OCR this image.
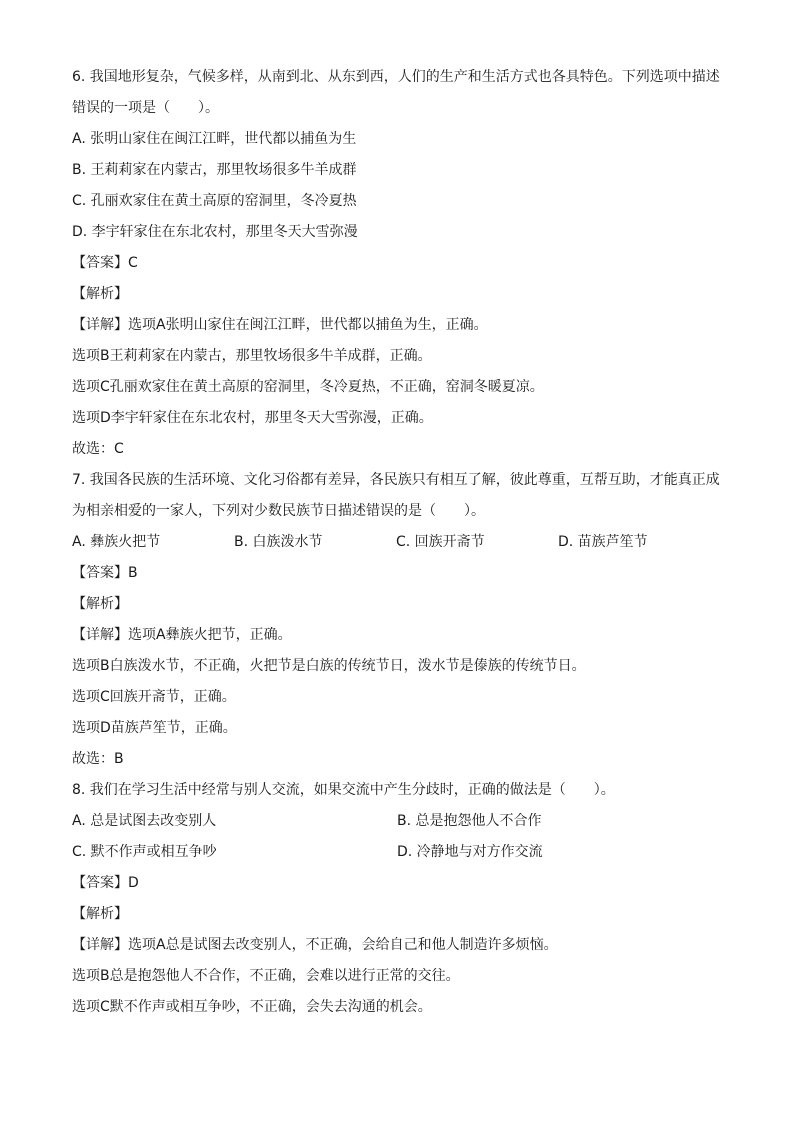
6. 我国地形复杂，气候多样，从南到北、从东到西，人们的生产和生活方式也各具特色。下列选项中描述
错误的一项是（　　）。
A. 张明山家住在闽江江畔，世代都以捕鱼为生
B. 王莉莉家在内蒙古，那里牧场很多牛羊成群
C. 孔丽欢家住在黄土高原的窑洞里，冬冷夏热
D. 李宇轩家住在东北农村，那里冬天大雪弥漫
【答案】C
【解析】
【详解】选项A张明山家住在闽江江畔，世代都以捕鱼为生，正确。
选项B王莉莉家在内蒙古，那里牧场很多牛羊成群，正确。
选项C孔丽欢家住在黄土高原的窑洞里，冬冷夏热，不正确，窑洞冬暖夏凉。
选项D李宇轩家住在东北农村，那里冬天大雪弥漫，正确。
故选：C
7. 我国各民族的生活环境、文化习俗都有差异，各民族只有相互了解，彼此尊重，互帮互助，才能真正成
为相亲相爱的一家人，下列对少数民族节日描述错误的是（　　）。
A. 彝族火把节	B. 白族泼水节	C. 回族开斋节	D. 苗族芦笙节
【答案】B
【解析】
【详解】选项A彝族火把节，正确。
选项B白族泼水节，不正确，火把节是白族的传统节日，泼水节是傣族的传统节日。
选项C回族开斋节，正确。
选项D苗族芦笙节，正确。
故选：B
8. 我们在学习生活中经常与别人交流，如果交流中产生分歧时，正确的做法是（　　）。
A. 总是试图去改变别人	B. 总是抱怨他人不合作
C. 默不作声或相互争吵	D. 冷静地与对方作交流
【答案】D
【解析】
【详解】选项A总是试图去改变别人，不正确，会给自己和他人制造许多烦恼。
选项B总是抱怨他人不合作，不正确，会难以进行正常的交往。
选项C默不作声或相互争吵，不正确，会失去沟通的机会。
